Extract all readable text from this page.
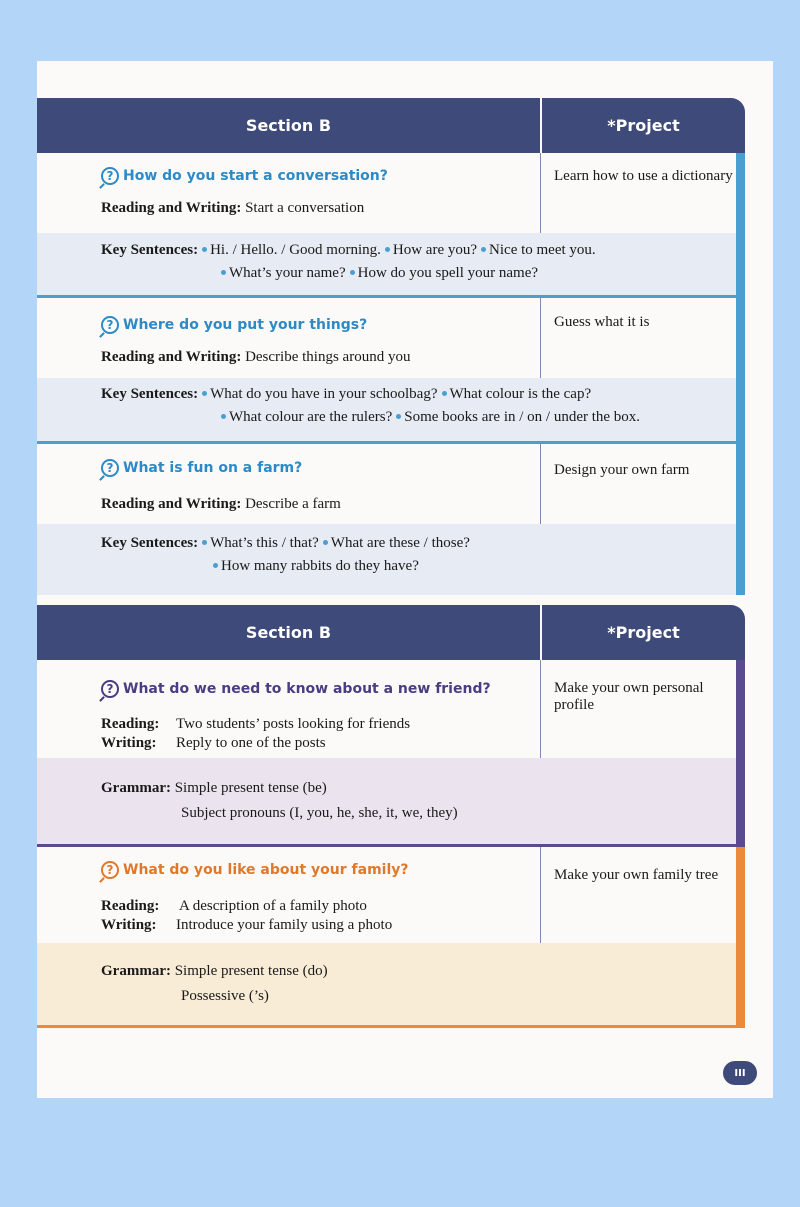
Section B	*Project
? How do you start a conversation?
Reading and Writing: Start a conversation
Learn how to use a dictionary
Key Sentences: Hi. / Hello. / Good morning. How are you? Nice to meet you.
What’s your name? How do you spell your name?
? Where do you put your things?
Reading and Writing: Describe things around you
Guess what it is
Key Sentences: What do you have in your schoolbag? What colour is the cap?
What colour are the rulers? Some books are in / on / under the box.
? What is fun on a farm?
Reading and Writing: Describe a farm
Design your own farm
Key Sentences: What’s this / that? What are these / those?
How many rabbits do they have?
Section B	*Project
? What do we need to know about a new friend?
Reading: Two students’ posts looking for friends
Writing: Reply to one of the posts
Make your own personal profile
Grammar: Simple present tense (be)
Subject pronouns (I, you, he, she, it, we, they)
? What do you like about your family?
Reading: A description of a family photo
Writing: Introduce your family using a photo
Make your own family tree
Grammar: Simple present tense (do)
Possessive (’s)
III
